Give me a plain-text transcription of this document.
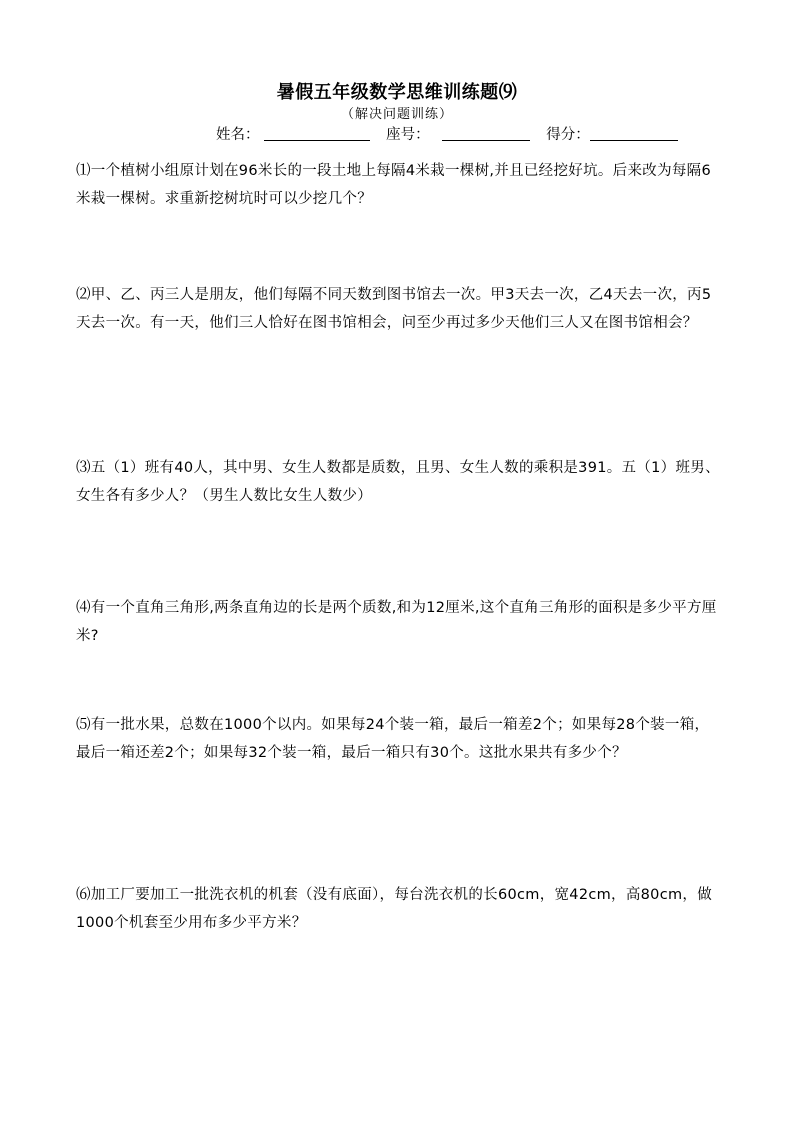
暑假五年级数学思维训练题⑼
（解决问题训练）
姓名：	座号：	得分：
⑴一个植树小组原计划在96米长的一段土地上每隔4米栽一棵树,并且已经挖好坑。后来改为每隔6米栽一棵树。求重新挖树坑时可以少挖几个？
⑵甲、乙、丙三人是朋友，他们每隔不同天数到图书馆去一次。甲3天去一次，乙4天去一次，丙5天去一次。有一天，他们三人恰好在图书馆相会，问至少再过多少天他们三人又在图书馆相会？
⑶五（1）班有40人，其中男、女生人数都是质数，且男、女生人数的乘积是391。五（1）班男、女生各有多少人？（男生人数比女生人数少）
⑷有一个直角三角形,两条直角边的长是两个质数,和为12厘米,这个直角三角形的面积是多少平方厘米?
⑸有一批水果，总数在1000个以内。如果每24个装一箱，最后一箱差2个；如果每28个装一箱，最后一箱还差2个；如果每32个装一箱，最后一箱只有30个。这批水果共有多少个？
⑹加工厂要加工一批洗衣机的机套（没有底面），每台洗衣机的长60cm，宽42cm，高80cm，做1000个机套至少用布多少平方米？
